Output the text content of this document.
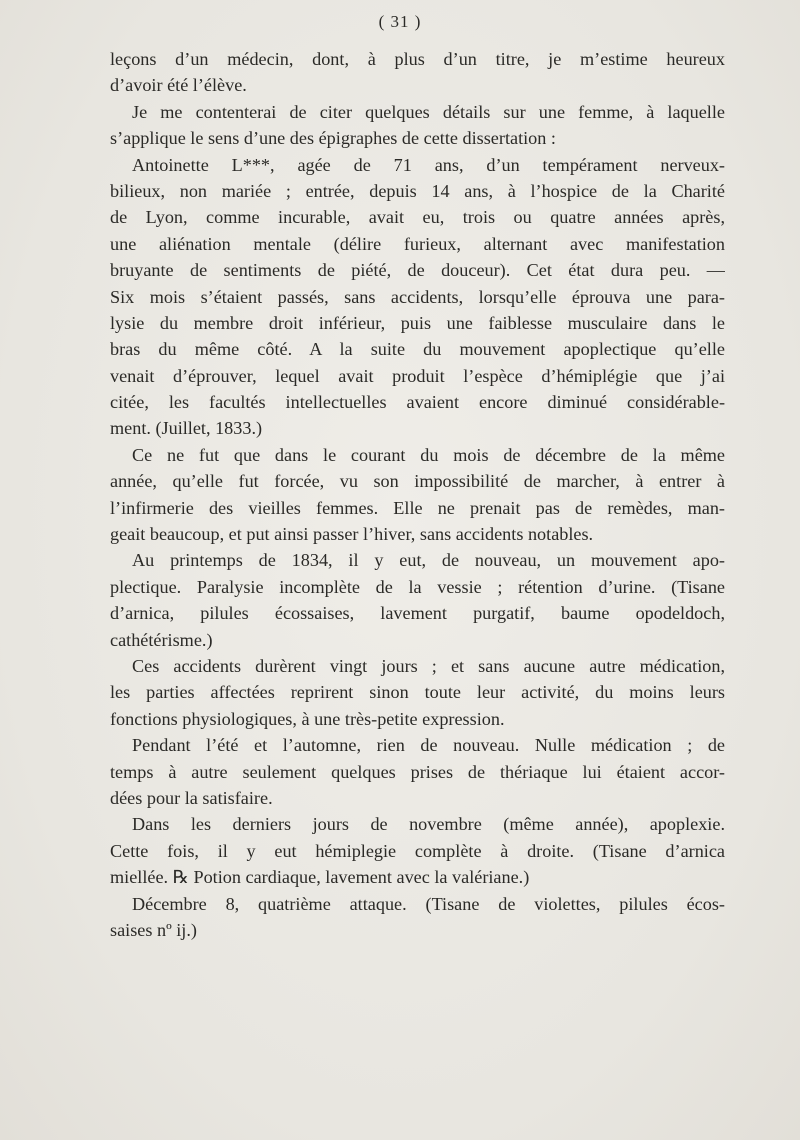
( 31 )
leçons d’un médecin, dont, à plus d’un titre, je m’estime heureux
d’avoir été l’élève.
Je me contenterai de citer quelques détails sur une femme, à laquelle
s’applique le sens d’une des épigraphes de cette dissertation :
Antoinette L***, agée de 71 ans, d’un tempérament nerveux-
bilieux, non mariée ; entrée, depuis 14 ans, à l’hospice de la Charité
de Lyon, comme incurable, avait eu, trois ou quatre années après,
une aliénation mentale (délire furieux, alternant avec manifestation
bruyante de sentiments de piété, de douceur). Cet état dura peu. —
Six mois s’étaient passés, sans accidents, lorsqu’elle éprouva une para-
lysie du membre droit inférieur, puis une faiblesse musculaire dans le
bras du même côté. A la suite du mouvement apoplectique qu’elle
venait d’éprouver, lequel avait produit l’espèce d’hémiplégie que j’ai
citée, les facultés intellectuelles avaient encore diminué considérable-
ment. (Juillet, 1833.)
Ce ne fut que dans le courant du mois de décembre de la même
année, qu’elle fut forcée, vu son impossibilité de marcher, à entrer à
l’infirmerie des vieilles femmes. Elle ne prenait pas de remèdes, man-
geait beaucoup, et put ainsi passer l’hiver, sans accidents notables.
Au printemps de 1834, il y eut, de nouveau, un mouvement apo-
plectique. Paralysie incomplète de la vessie ; rétention d’urine. (Tisane
d’arnica, pilules écossaises, lavement purgatif, baume opodeldoch,
cathétérisme.)
Ces accidents durèrent vingt jours ; et sans aucune autre médication,
les parties affectées reprirent sinon toute leur activité, du moins leurs
fonctions physiologiques, à une très-petite expression.
Pendant l’été et l’automne, rien de nouveau. Nulle médication ; de
temps à autre seulement quelques prises de thériaque lui étaient accor-
dées pour la satisfaire.
Dans les derniers jours de novembre (même année), apoplexie.
Cette fois, il y eut hémiplegie complète à droite. (Tisane d’arnica
miellée. ℞ Potion cardiaque, lavement avec la valériane.)
Décembre 8, quatrième attaque. (Tisane de violettes, pilules écos-
saises nº ij.)
